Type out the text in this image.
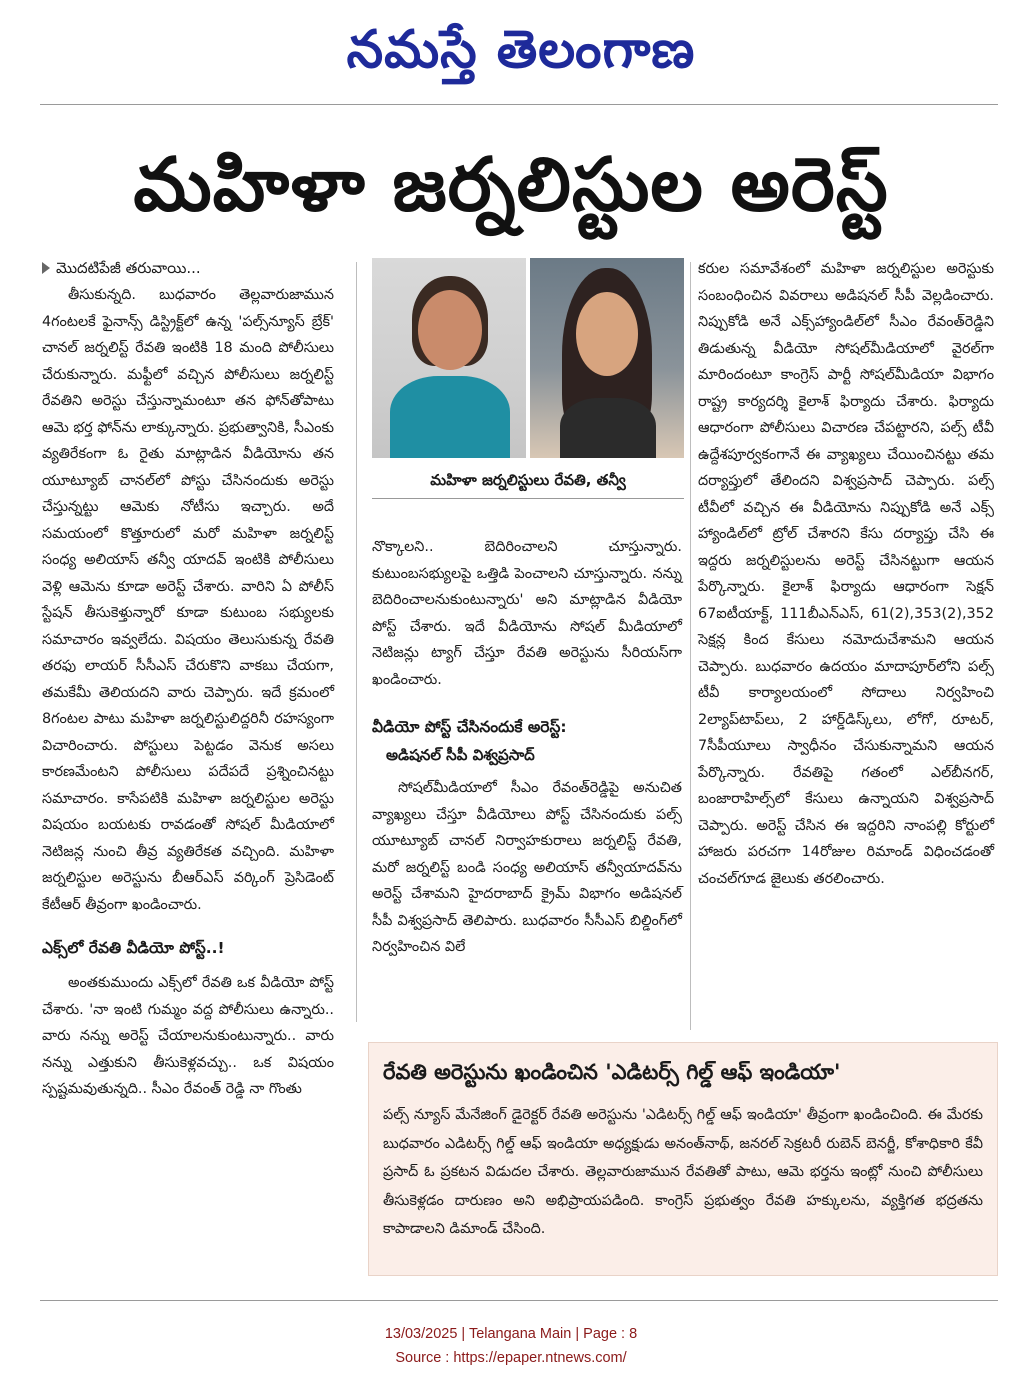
నమస్తే తెలంగాణ
మహిళా జర్నలిస్టుల అరెస్ట్
మొదటిపేజీ తరువాయి...

తీసుకున్నది. బుధవారం తెల్లవారుజామున 4గంటలకే ఫైనాన్స్ డిస్ట్రిక్ట్‌లో ఉన్న 'పల్స్‌న్యూస్ బ్రేక్' చానల్ జర్నలిస్ట్ రేవతి ఇంటికి 18 మంది పోలీసులు చేరుకున్నారు. మఫ్టీలో వచ్చిన పోలీసులు జర్నలిస్ట్ రేవతిని అరెస్టు చేస్తున్నామంటూ తన ఫోన్‌తోపాటు ఆమె భర్త ఫోన్‌ను లాక్కున్నారు. ప్రభుత్వానికి, సీఎంకు వ్యతిరేకంగా ఓ రైతు మాట్లాడిన వీడియోను తన యూట్యూబ్ చానల్‌లో పోస్టు చేసినందుకు అరెస్టు చేస్తున్నట్టు ఆమెకు నోటీసు ఇచ్చారు. అదే సమయంలో కొత్తూరులో మరో మహిళా జర్నలిస్ట్ సంధ్య అలియాస్ తన్వీ యాదవ్ ఇంటికి పోలీసులు వెళ్లి ఆమెను కూడా అరెస్ట్ చేశారు. వారిని ఏ పోలీస్ స్టేషన్ తీసుకెళ్తున్నారో కూడా కుటుంబ సభ్యులకు సమాచారం ఇవ్వలేదు. విషయం తెలుసుకున్న రేవతి తరఫు లాయర్ సీసీఎస్ చేరుకొని వాకబు చేయగా, తమకేమీ తెలియదని వారు చెప్పారు. ఇదే క్రమంలో 8గంటల పాటు మహిళా జర్నలిస్టులిద్దరినీ రహస్యంగా విచారించారు. పోస్టులు పెట్టడం వెనుక అసలు కారణమేంటని పోలీసులు పదేపదే ప్రశ్నించినట్టు సమాచారం. కాసేపటికి మహిళా జర్నలిస్టుల అరెస్టు విషయం బయటకు రావడంతో సోషల్ మీడియాలో నెటిజన్ల నుంచి తీవ్ర వ్యతిరేకత వచ్చింది. మహిళా జర్నలిస్టుల అరెస్టును బీఆర్‌ఎస్ వర్కింగ్ ప్రెసిడెంట్ కేటీఆర్ తీవ్రంగా ఖండించారు.

ఎక్స్‌లో రేవతి వీడియో పోస్ట్..!

అంతకుముందు ఎక్స్‌లో రేవతి ఒక వీడియో పోస్ట్ చేశారు. 'నా ఇంటి గుమ్మం వద్ద పోలీసులు ఉన్నారు.. వారు నన్ను అరెస్ట్ చేయాలనుకుంటున్నారు.. వారు నన్ను ఎత్తుకుని తీసుకెళ్లవచ్చు.. ఒక విషయం స్పష్టమవుతున్నది.. సీఎం రేవంత్ రెడ్డి నా గొంతు

మహిళా జర్నలిస్టులు రేవతి, తన్వీ

నొక్కాలని.. బెదిరించాలని చూస్తున్నారు. కుటుంబసభ్యులపై ఒత్తిడి పెంచాలని చూస్తున్నారు. నన్ను బెదిరించాలనుకుంటున్నారు' అని మాట్లాడిన వీడియో పోస్ట్ చేశారు. ఇదే వీడియోను సోషల్ మీడియాలో నెటిజన్లు ట్యాగ్ చేస్తూ రేవతి అరెస్టును సీరియస్‌గా ఖండించారు.

వీడియో పోస్ట్ చేసినందుకే అరెస్ట్:
అడిషనల్ సీపీ విశ్వప్రసాద్

సోషల్‌మీడియాలో సీఎం రేవంత్‌రెడ్డిపై అనుచిత వ్యాఖ్యలు చేస్తూ వీడియోలు పోస్ట్ చేసినందుకు పల్స్ యూట్యూబ్ చానల్ నిర్వాహకురాలు జర్నలిస్ట్ రేవతి, మరో జర్నలిస్ట్ బండి సంధ్య అలియాస్ తన్వీయాదవ్‌ను అరెస్ట్ చేశామని హైదరాబాద్ క్రైమ్ విభాగం అడిషనల్ సీపీ విశ్వప్రసాద్ తెలిపారు. బుధవారం సీసీఎస్ బిల్డింగ్‌లో నిర్వహించిన విలే

కరుల సమావేశంలో మహిళా జర్నలిస్టుల అరెస్టుకు సంబంధించిన వివరాలు అడిషనల్ సీపీ వెల్లడించారు. నిప్పుకోడి అనే ఎక్స్‌హ్యాండిల్‌లో సీఎం రేవంత్‌రెడ్డిని తిడుతున్న వీడియో సోషల్‌మీడియాలో వైరల్‌గా మారిందంటూ కాంగ్రెస్ పార్టీ సోషల్‌మీడియా విభాగం రాష్ట్ర కార్యదర్శి కైలాశ్ ఫిర్యాదు చేశారు. ఫిర్యాదు ఆధారంగా పోలీసులు విచారణ చేపట్టారని, పల్స్ టీవీ ఉద్దేశపూర్వకంగానే ఈ వ్యాఖ్యలు చేయించినట్టు తమ దర్యాప్తులో తేలిందని విశ్వప్రసాద్ చెప్పారు. పల్స్ టీవీలో వచ్చిన ఈ వీడియోను నిప్పుకోడి అనే ఎక్స్ హ్యాండిల్‌లో ట్రోల్ చేశారని కేసు దర్యాప్తు చేసి ఈ ఇద్దరు జర్నలిస్టులను అరెస్ట్ చేసినట్టుగా ఆయన పేర్కొన్నారు. కైలాశ్ ఫిర్యాదు ఆధారంగా సెక్షన్ 67ఐటీయాక్ట్, 111బీఎన్‌ఎస్, 61(2),353(2),352 సెక్షన్ల కింద కేసులు నమోదుచేశామని ఆయన చెప్పారు. బుధవారం ఉదయం మాదాపూర్‌లోని పల్స్ టీవీ కార్యాలయంలో సోదాలు నిర్వహించి 2ల్యాప్‌టాప్‌లు, 2 హార్డ్‌డిస్క్‌లు, లోగో, రూటర్, 7సీపీయూలు స్వాధీనం చేసుకున్నామని ఆయన పేర్కొన్నారు. రేవతిపై గతంలో ఎల్‌బీనగర్, బంజారాహిల్స్‌లో కేసులు ఉన్నాయని విశ్వప్రసాద్ చెప్పారు. అరెస్ట్ చేసిన ఈ ఇద్దరిని నాంపల్లి కోర్టులో హాజరు పరచగా 14రోజుల రిమాండ్ విధించడంతో చంచల్‌గూడ జైలుకు తరలించారు.

రేవతి అరెస్టును ఖండించిన 'ఎడిటర్స్ గిల్డ్ ఆఫ్ ఇండియా'
పల్స్ న్యూస్ మేనేజింగ్ డైరెక్టర్ రేవతి అరెస్టును 'ఎడిటర్స్ గిల్డ్ ఆఫ్ ఇండియా' తీవ్రంగా ఖండించింది. ఈ మేరకు బుధవారం ఎడిటర్స్ గిల్డ్ ఆఫ్ ఇండియా అధ్యక్షుడు అనంత్‌నాథ్, జనరల్ సెక్రటరీ రుబెన్ బెనర్జీ, కోశాధికారి కేవీ ప్రసాద్ ఓ ప్రకటన విడుదల చేశారు. తెల్లవారుజామున రేవతితో పాటు, ఆమె భర్తను ఇంట్లో నుంచి పోలీసులు తీసుకెళ్లడం దారుణం అని అభిప్రాయపడింది. కాంగ్రెస్ ప్రభుత్వం రేవతి హక్కులను, వ్యక్తిగత భద్రతను కాపాడాలని డిమాండ్ చేసింది.
13/03/2025 | Telangana Main | Page : 8
Source : https://epaper.ntnews.com/
